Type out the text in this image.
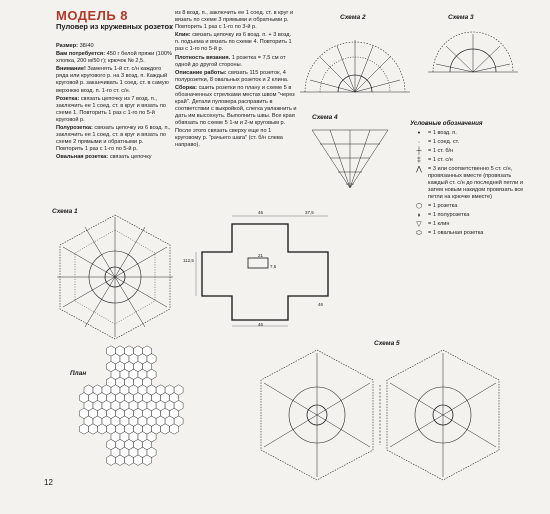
МОДЕЛЬ 8
Пуловер из кружевных розеток

Размер: 38/40

Вам потребуется: 450 г белой пряжи (100% хлопка, 200 м/50 г); крючок № 2,5.

Внимание! Заменять 1-й ст. с/н каждого ряда или кругового р. на 3 возд. п. Каждый круговой р. заканчивать 1 соед. ст. в самую верхнюю возд. п. 1-го ст. с/н.

Розетка: связать цепочку из 7 возд. п., заключить ее 1 соед. ст. в круг и вязать по схеме 1. Повторить 1 раз с 1-го по 5-й круговой р.

Полурозетка: связать цепочку из 6 возд. п., заключить ее 1 соед. ст. в круг и вязать по схеме 2 прямыми и обратными р. Повторить 1 раз с 1-го по 5-й р.

Овальная розетка: связать цепочку

из 8 возд. п., заключить ее 1 соед. ст. в круг и вязать по схеме 3 прямыми и обратными р. Повторить 1 раз с 1-го по 3-й р.

Клин: связать цепочку из 6 возд. п. + 3 возд. п. подъема и вязать по схеме 4. Повторить 1 раз с 1-го по 5-й р.

Плотность вязания. 1 розетка = 7,5 см от одной до другой стороны.

Описание работы: связать 115 розеток, 4 полурозетки, 8 овальных розеток и 2 клина.

Сборка: сшить розетки по плану и схеме 5 в обозначенных стрелками местах швом "через край". Детали пуловера расправить в соответствии с выкройкой, слегка увлажнить и дать им высохнуть. Выполнить швы. Все края обвязать по схеме 5 1-м и 2-м круговым р. После этого связать сверху еще по 1 круговому р. "рачьего шага" (ст. б/н слева направо).

Схема 2	Схема 3
Схема 4
Условные обозначения
•	= 1 возд. п.
·	= 1 соед. ст.
┼	= 1 ст. б/н
‡	= 1 ст. с/н
⋀	= 3 или соответственно 5 ст. с/н, провязанных вместе (провязать каждый ст. с/н до последней петли и затем новым накидом провязать все петли на крючке вместе)
⬡	= 1 розетка
◗	= 1 полурозетка
▽	= 1 клин
⬭	= 1 овальная розетка
Схема 1	46	37,5
112,5
21
7,5
46
46
План
Схема 5
12
